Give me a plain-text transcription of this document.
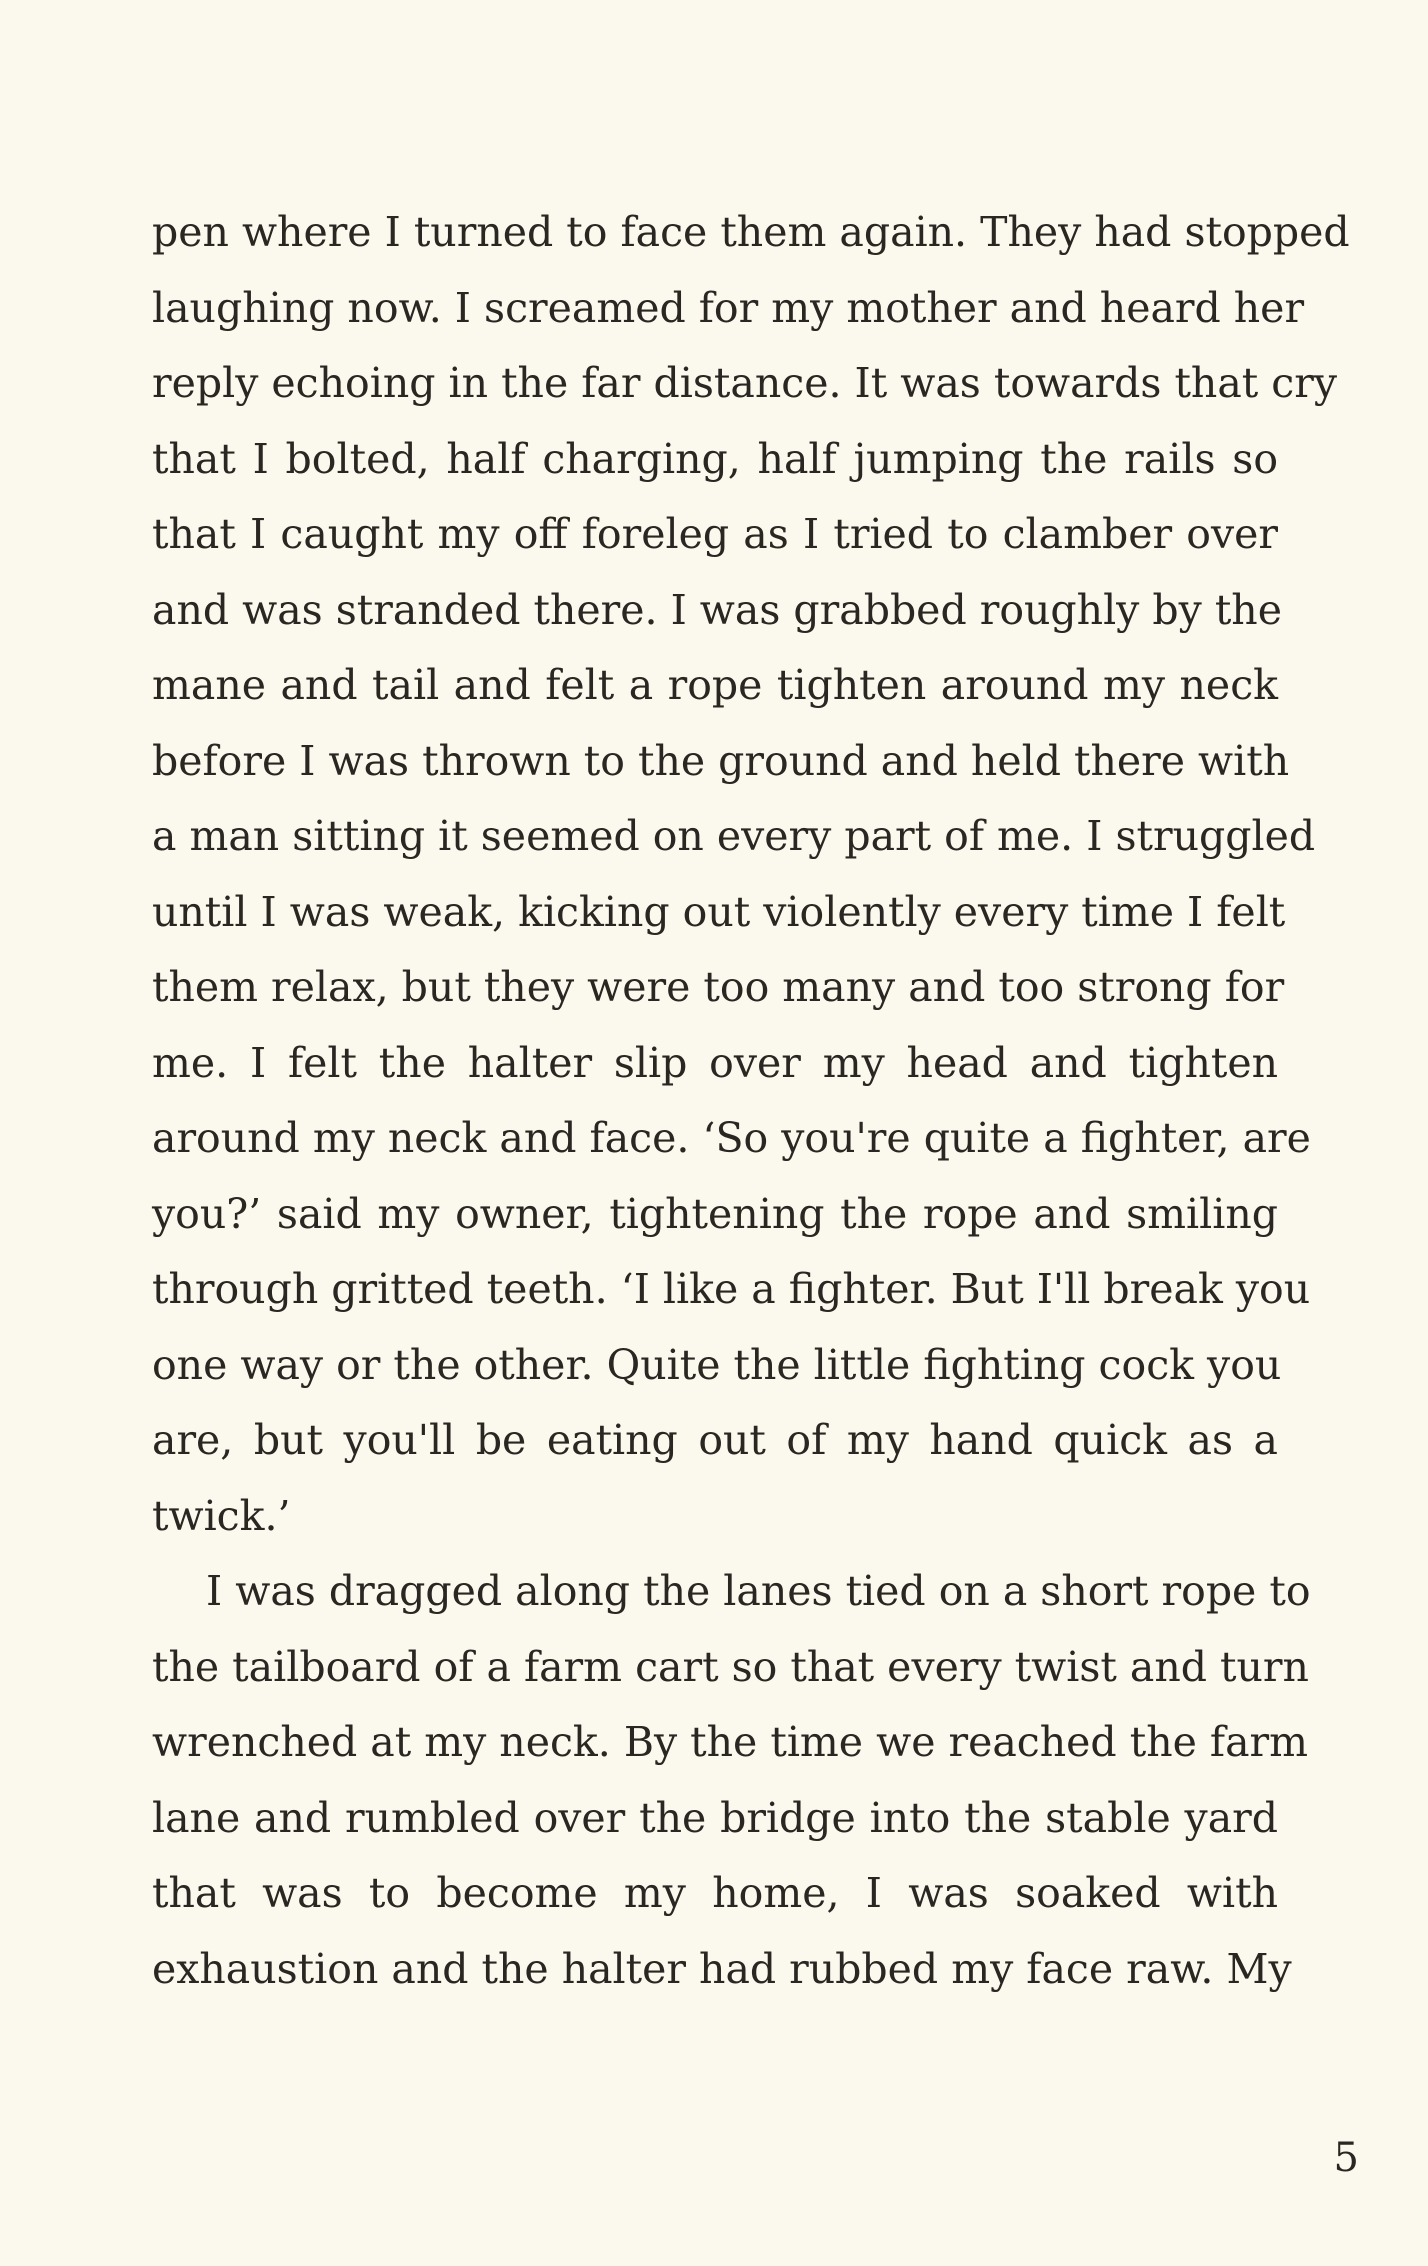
pen where I turned to face them again. They had stopped
laughing now. I screamed for my mother and heard her
reply echoing in the far distance. It was towards that cry
that I bolted, half charging, half jumping the rails so
that I caught my off foreleg as I tried to clamber over
and was stranded there. I was grabbed roughly by the
mane and tail and felt a rope tighten around my neck
before I was thrown to the ground and held there with
a man sitting it seemed on every part of me. I struggled
until I was weak, kicking out violently every time I felt
them relax, but they were too many and too strong for
me. I felt the halter slip over my head and tighten
around my neck and face. ‘So you're quite a fighter, are
you?’ said my owner, tightening the rope and smiling
through gritted teeth. ‘I like a fighter. But I'll break you
one way or the other. Quite the little fighting cock you
are, but you'll be eating out of my hand quick as a
twick.’
I was dragged along the lanes tied on a short rope to
the tailboard of a farm cart so that every twist and turn
wrenched at my neck. By the time we reached the farm
lane and rumbled over the bridge into the stable yard
that was to become my home, I was soaked with
exhaustion and the halter had rubbed my face raw. My
5
